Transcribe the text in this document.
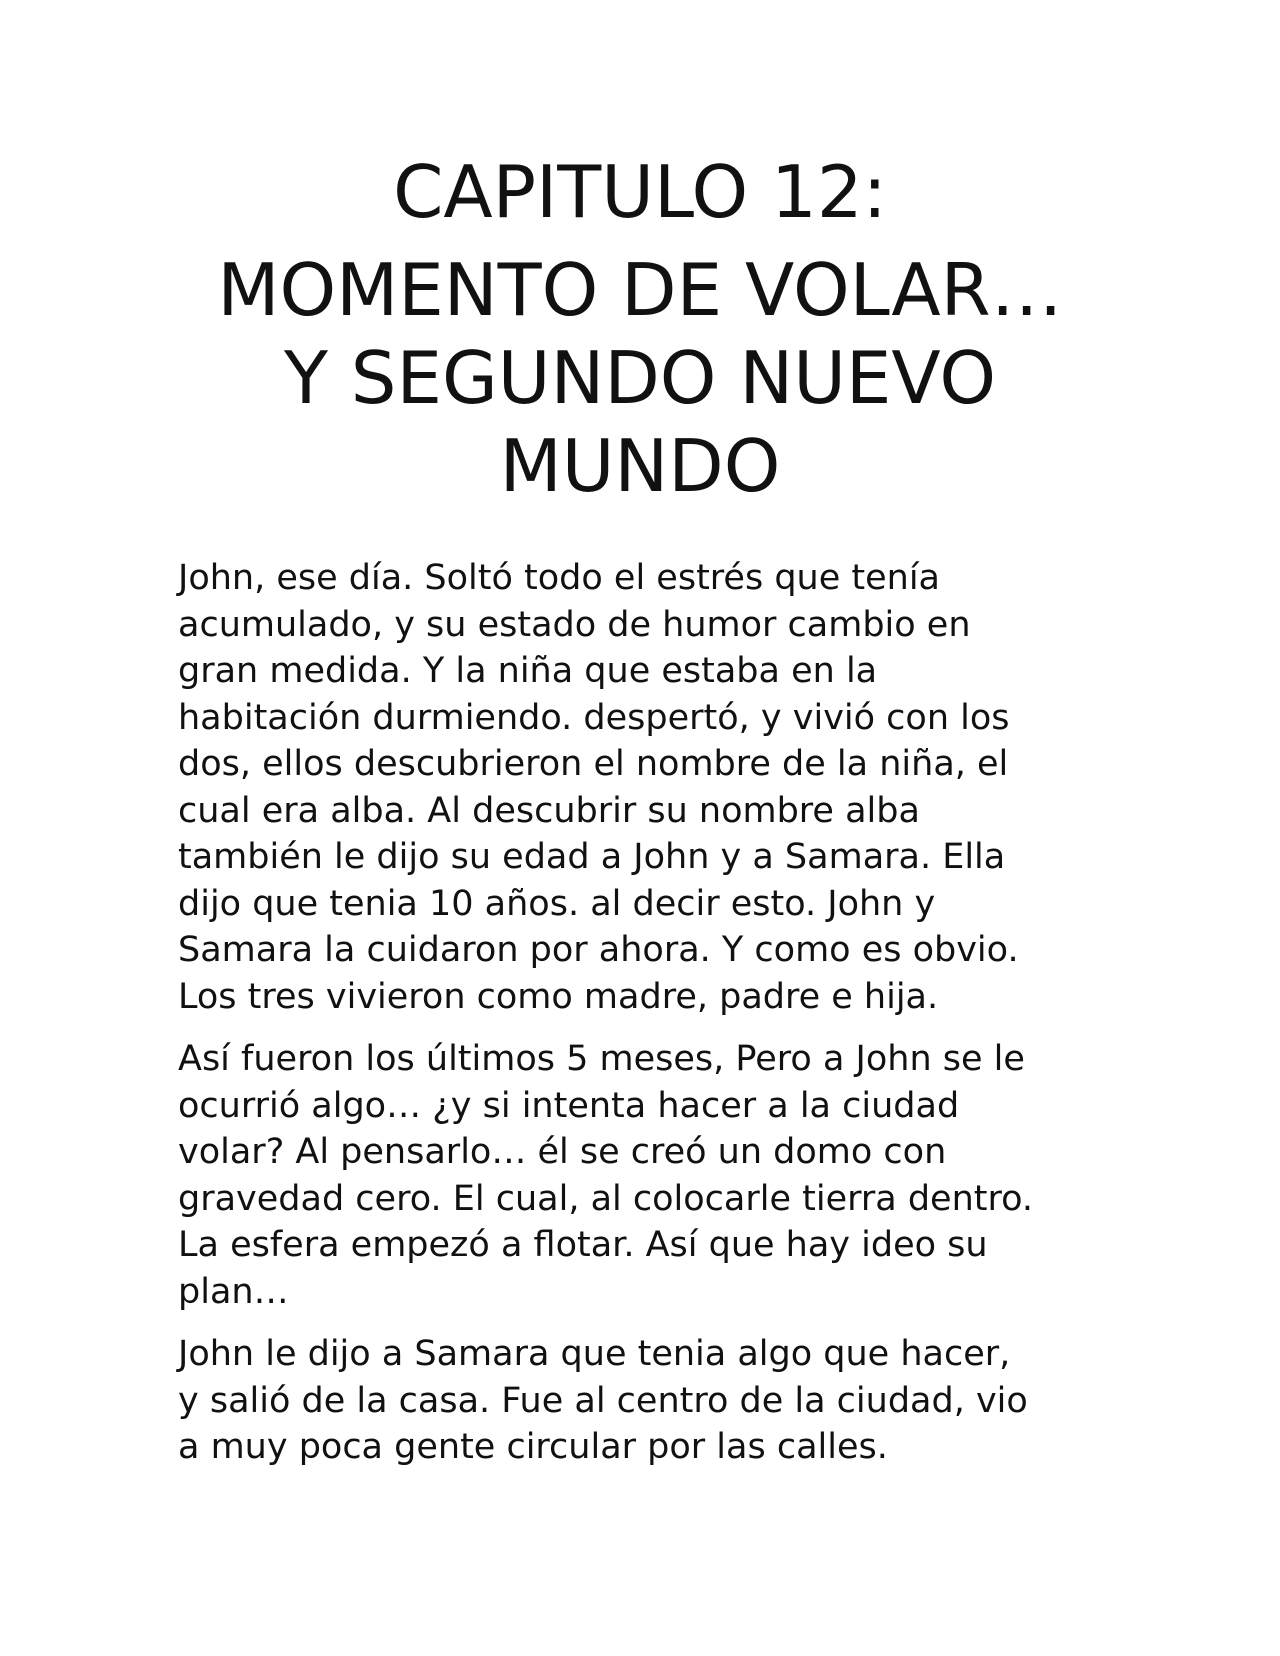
CAPITULO 12:
MOMENTO DE VOLAR…
Y SEGUNDO NUEVO
MUNDO

John, ese día. Soltó todo el estrés que tenía
acumulado, y su estado de humor cambio en
gran medida. Y la niña que estaba en la
habitación durmiendo. despertó, y vivió con los
dos, ellos descubrieron el nombre de la niña, el
cual era alba. Al descubrir su nombre alba
también le dijo su edad a John y a Samara. Ella
dijo que tenia 10 años. al decir esto. John y
Samara la cuidaron por ahora. Y como es obvio.
Los tres vivieron como madre, padre e hija.

Así fueron los últimos 5 meses, Pero a John se le
ocurrió algo… ¿y si intenta hacer a la ciudad
volar? Al pensarlo… él se creó un domo con
gravedad cero. El cual, al colocarle tierra dentro.
La esfera empezó a flotar. Así que hay ideo su
plan…

John le dijo a Samara que tenia algo que hacer,
y salió de la casa. Fue al centro de la ciudad, vio
a muy poca gente circular por las calles.
